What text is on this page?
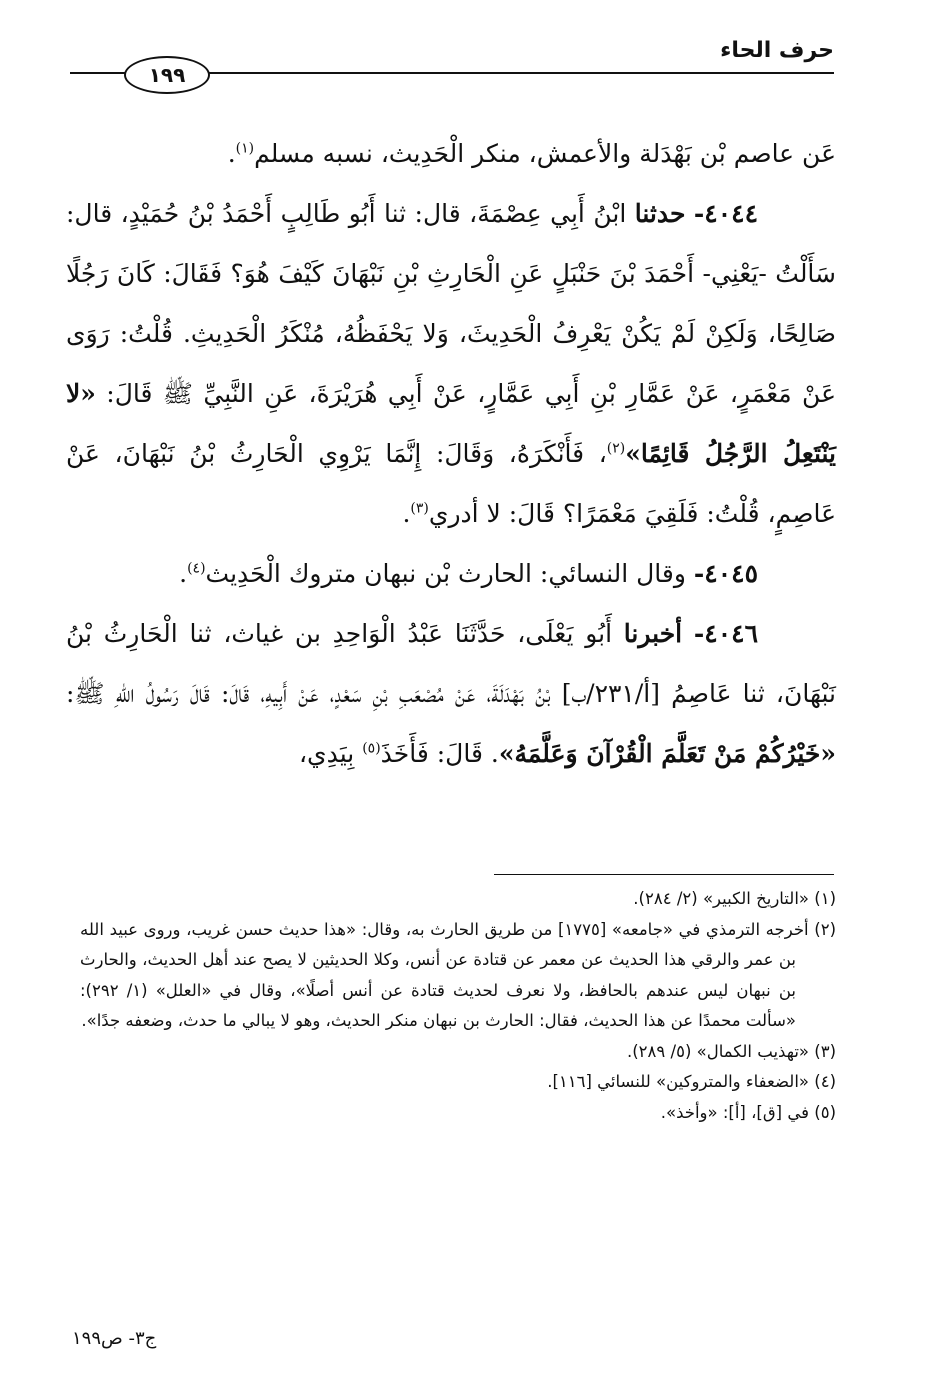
حرف الحاء
١٩٩

عَن عاصم بْن بَهْدَلة والأعمش، منكر الْحَدِيث، نسبه مسلم$^{(١)}$.

٤٠٤٤- حدثنا ابْنُ أَبِي عِصْمَةَ، قال: ثنا أَبُو طَالِبٍ أَحْمَدُ بْنُ حُمَيْدٍ، قال: سَأَلْتُ -يَعْنِي- أَحْمَدَ بْنَ حَنْبَلٍ عَنِ الْحَارِثِ بْنِ نَبْهَانَ كَيْفَ هُوَ؟ فَقَالَ: كَانَ رَجُلًا صَالِحًا، وَلَكِنْ لَمْ يَكُنْ يَعْرِفُ الْحَدِيثَ، وَلا يَحْفَظُهُ، مُنْكَرُ الْحَدِيثِ. قُلْتُ: رَوَى عَنْ مَعْمَرٍ، عَنْ عَمَّارِ بْنِ أَبِي عَمَّارٍ، عَنْ أَبِي هُرَيْرَةَ، عَنِ النَّبِيِّ ﷺ قَالَ: «لا يَنْتَعِلُ الرَّجُلُ قَائِمًا»$^{(٢)}$، فَأَنْكَرَهُ، وَقَالَ: إِنَّمَا يَرْوِي الْحَارِثُ بْنُ نَبْهَانَ، عَنْ عَاصِمٍ، قُلْتُ: فَلَقِيَ مَعْمَرًا؟ قَالَ: لا أدري$^{(٣)}$.

٤٠٤٥- وقال النسائي: الحارث بْن نبهان متروك الْحَدِيث$^{(٤)}$.

٤٠٤٦- أخبرنا أَبُو يَعْلَى، حَدَّثَنَا عَبْدُ الْوَاحِدِ بن غياث، ثنا الْحَارِثُ بْنُ نَبْهَانَ، ثنا عَاصِمُ [أ/٢٣١/ب] بْنُ بَهْدَلَةَ، عَنْ مُصْعَبِ بْنِ سَعْدٍ، عَنْ أَبِيهِ، قَالَ: قَالَ رَسُولُ اللهِ ﷺ: «خَيْرُكُمْ مَنْ تَعَلَّمَ الْقُرْآنَ وَعَلَّمَهُ». قَالَ: فَأَخَذَ$^{(٥)}$ بِيَدِي،

(١) «التاريخ الكبير» (٢/ ٢٨٤).

(٢) أخرجه الترمذي في «جامعه» [١٧٧٥] من طريق الحارث به، وقال: «هذا حديث حسن غريب، وروى عبيد الله بن عمر والرقي هذا الحديث عن معمر عن قتادة عن أنس، وكلا الحديثين لا يصح عند أهل الحديث، والحارث بن نبهان ليس عندهم بالحافظ، ولا نعرف لحديث قتادة عن أنس أصلًا»، وقال في «العلل» (١/ ٢٩٢): «سألت محمدًا عن هذا الحديث، فقال: الحارث بن نبهان منكر الحديث، وهو لا يبالي ما حدث، وضعفه جدًا».

(٣) «تهذيب الكمال» (٥/ ٢٨٩).

(٤) «الضعفاء والمتروكين» للنسائي [١١٦].

(٥) في [ق]، [أ]: «وأخذ».

ج٣- ص١٩٩
